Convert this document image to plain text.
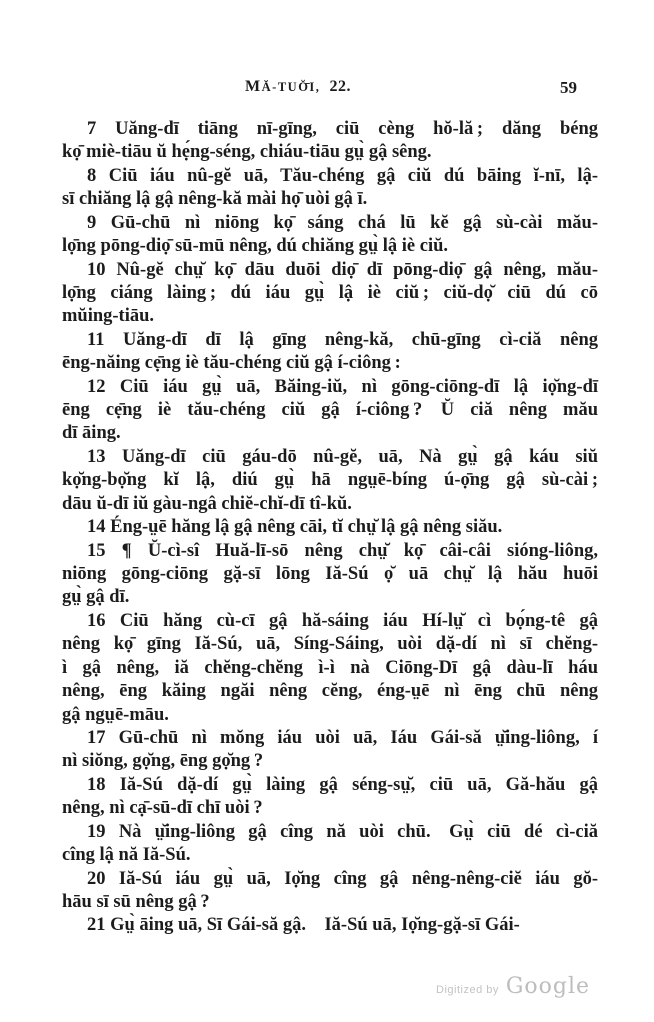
MĂ-TUŎ̄I, 22.	59

7 Uăng-dī tiāng nī-gīng, ciū cèng hŏ-lă ; dăng béng
kọ̄ miè-tiāu ŭ hẹ́ng-séng, chiáu-tiāu gṳ̀ gậ sêng.

8 Ciū iáu nû-gĕ uā, Tău-chéng gậ ciŭ dú bāing ĭ-nī, lậ-
sī chiăng lậ gậ nêng-kă mài họ̄ uòi gậ ī.

9 Gū-chū nì niōng kọ̄ sáng chá lū kĕ gậ sù-cài mău-
lọ̄ng pōng-diọ̄ sū-mū nêng, dú chiăng gṳ̀ lậ iè ciŭ.

10 Nû-gĕ chṳ̆ kọ̄ dāu duōi diọ̄ dī pōng-diọ̄ gậ nêng, mău-
lọ̄ng ciáng làing ; dú iáu gṳ̀ lậ iè ciŭ ; ciŭ-dọ̆ ciū dú cō
mŭing-tiāu.

11 Uăng-dī dī lậ gīng nêng-kă, chū-gīng cì-ciă nêng
ēng-năing cẹ̄ng iè tău-chéng ciŭ gậ í-ciông :

12 Ciū iáu gṳ̀ uā, Băing-iŭ, nì gōng-ciōng-dī lậ iọ̆ng-dī
ēng cẹ̄ng iè tău-chéng ciŭ gậ í-ciông ? Ŭ ciă nêng mău
dī āing.

13 Uăng-dī ciū gáu-dō nû-gĕ, uā, Nà gṳ̀ gậ káu siŭ
kọ̆ng-bọ̆ng kĭ lậ, diú gṳ̀ hā ngṳē-bíng ú-ọ̄ng gậ sù-cài ;
dāu ŭ-dī iŭ gàu-ngâ chiĕ-chĭ-dī tî-kŭ.

14 Éng-ṳē hăng lậ gậ nêng cāi, tĭ chṳ̆ lậ gậ nêng siău.

15 ¶ Ŭ-cì-sî Huă-lī-sō nêng chṳ̆ kọ̄ câi-câi sióng-liông,
niōng gōng-ciōng gặ-sī lōng Iă-Sú ọ̆ uā chṳ̆ lậ hău huōi
gṳ̀ gậ dī.

16 Ciū hăng cù-cī gậ hă-sáing iáu Hí-lṳ̆ cì bọ́ng-tê gậ
nêng kọ̄ gīng Iă-Sú, uā, Síng-Sáing, uòi dặ-dí nì sī chĕng-
ì gậ nêng, iă chĕng-chĕng ì-ì nà Ciōng-Dī gậ dàu-lī háu
nêng, ēng kăing ngăi nêng cĕng, éng-ṳē nì ēng chū nêng
gậ ngṳē-māu.

17 Gū-chū nì mŏng iáu uòi uā, Iáu Gái-să ṳ̆ing-liông, í
nì siŏng, gọ̆ng, ēng gọ̆ng ?

18 Iă-Sú dặ-dí gṳ̀ làing gậ séng-sṳ̆, ciū uā, Gă-hău gậ
nêng, nì cạ̄-sū-dī chī uòi ?

19 Nà ṳ̆ing-liông gậ cîng nă uòi chū. Gṳ̀ ciū dé cì-ciă
cîng lậ nă Iă-Sú.

20 Iă-Sú iáu gṳ̀ uā, Iọ̆ng cîng gậ nêng-nêng-ciĕ iáu gŏ-
hāu sī sū nêng gậ ?

21 Gṳ̀ āing uā, Sī Gái-să gậ. Iă-Sú uā, Iọ̆ng-gặ-sī Gái-

Digitized by Google
